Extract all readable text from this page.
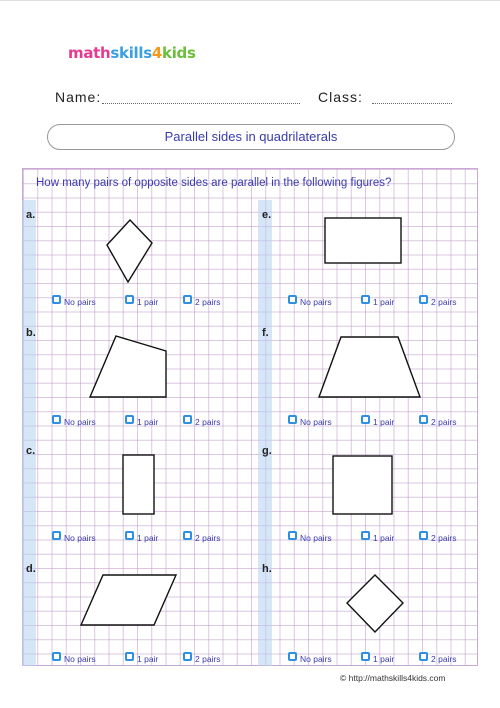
mathskills4kids
Name:	Class:
Parallel sides in quadrilaterals
How many pairs of opposite sides are parallel in the following figures?
a.
b.
c.
d.
e.
f.
g.
h.
No pairs	1 pair	2 pairs
No pairs	1 pair	2 pairs
No pairs	1 pair	2 pairs
No pairs	1 pair	2 pairs
No pairs	1 pair	2 pairs
No pairs	1 pair	2 pairs
No pairs	1 pair	2 pairs
No pairs	1 pair	2 pairs
© http://mathskills4kids.com
